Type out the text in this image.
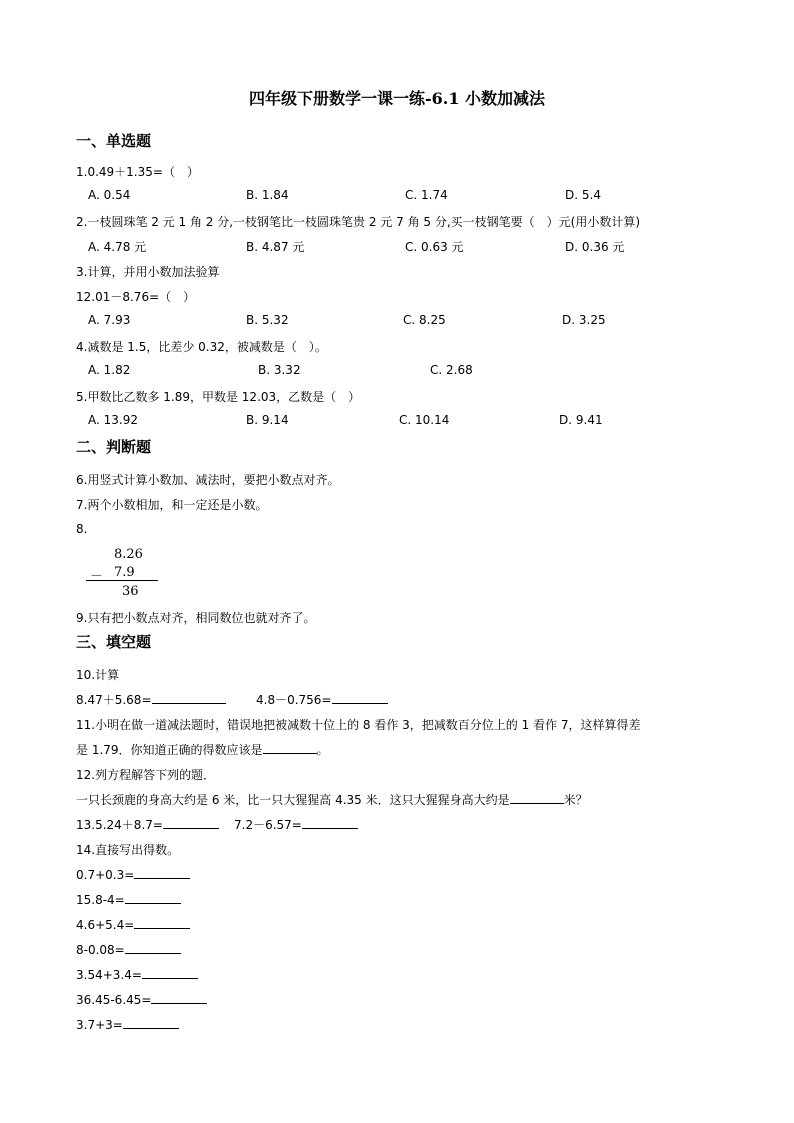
四年级下册数学一课一练-6.1 小数加减法
一、单选题
1.0.49＋1.35=（　）
A. 0.54	B. 1.84	C. 1.74	D. 5.4
2.一枝圆珠笔 2 元 1 角 2 分,一枝钢笔比一枝圆珠笔贵 2 元 7 角 5 分,买一枝钢笔要（　）元(用小数计算)
A. 4.78 元	B. 4.87 元	C. 0.63 元	D. 0.36 元
3.计算，并用小数加法验算
12.01－8.76=（　）
A. 7.93	B. 5.32	C. 8.25	D. 3.25
4.减数是 1.5，比差少 0.32，被减数是（　）。
A. 1.82	B. 3.32	C. 2.68
5.甲数比乙数多 1.89，甲数是 12.03，乙数是（　）
A. 13.92	B. 9.14	C. 10.14	D. 9.41
二、判断题
6.用竖式计算小数加、减法时，要把小数点对齐。
7.两个小数相加，和一定还是小数。
8.
8.26
－ 7.9
36
9.只有把小数点对齐，相同数位也就对齐了。
三、填空题
10.计算
8.47＋5.68=	4.8－0.756=
11.小明在做一道减法题时，错误地把被减数十位上的 8 看作 3，把减数百分位上的 1 看作 7，这样算得差
是 1.79．你知道正确的得数应该是	。
12.列方程解答下列的题．
一只长颈鹿的身高大约是 6 米，比一只大猩猩高 4.35 米．这只大猩猩身高大约是	米？
13.5.24＋8.7=	7.2－6.57=
14.直接写出得数。
0.7+0.3=
15.8-4=
4.6+5.4=
8-0.08=
3.54+3.4=
36.45-6.45=
3.7+3=
